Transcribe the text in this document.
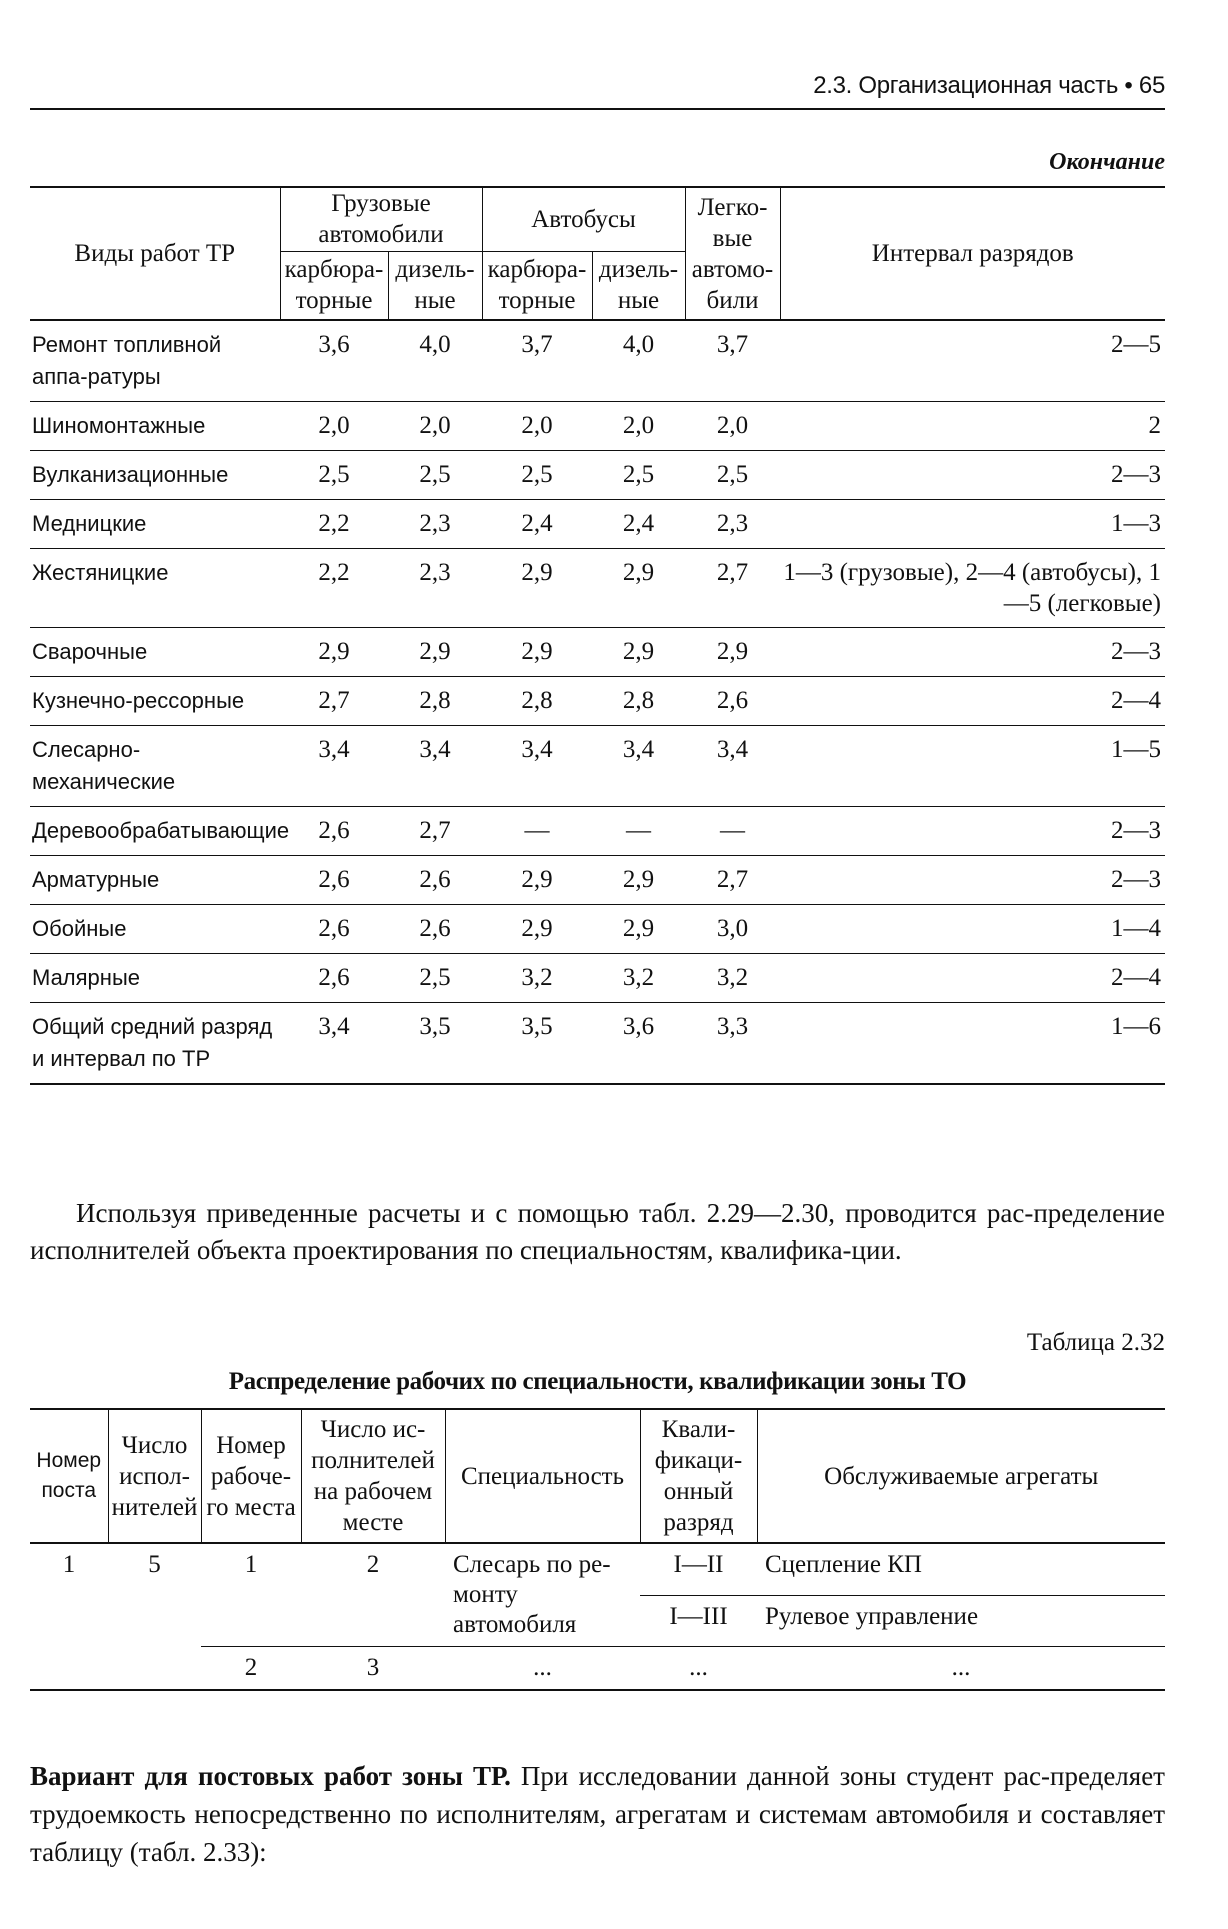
2.3. Организационная часть • 65
Окончание
Виды работ ТР	Грузовые автомобили		Автобусы		Легко-вые автомо-били	Интервал разрядов
	карбюра-торные	дизель-ные	карбюра-торные	дизель-ные		
Ремонт топливной аппа-ратуры	3,6	4,0	3,7	4,0	3,7	2—5
Шиномонтажные	2,0	2,0	2,0	2,0	2,0	2
Вулканизационные	2,5	2,5	2,5	2,5	2,5	2—3
Медницкие	2,2	2,3	2,4	2,4	2,3	1—3
Жестяницкие	2,2	2,3	2,9	2,9	2,7	1—3 (грузовые), 2—4 (автобусы), 1—5 (легковые)
Сварочные	2,9	2,9	2,9	2,9	2,9	2—3
Кузнечно-рессорные	2,7	2,8	2,8	2,8	2,6	2—4
Слесарно-механические	3,4	3,4	3,4	3,4	3,4	1—5
Деревообрабатывающие	2,6	2,7	—	—	—	2—3
Арматурные	2,6	2,6	2,9	2,9	2,7	2—3
Обойные	2,6	2,6	2,9	2,9	3,0	1—4
Малярные	2,6	2,5	3,2	3,2	3,2	2—4
Общий средний разряд и интервал по ТР	3,4	3,5	3,5	3,6	3,3	1—6
Используя приведенные расчеты и с помощью табл. 2.29—2.30, проводится рас-пределение исполнителей объекта проектирования по специальностям, квалифика-ции.
Таблица 2.32
Распределение рабочих по специальности, квалификации зоны ТО
Номер поста	Число испол-нителей	Номер рабоче-го места	Число ис-полнителей на рабочем месте	Специальность	Квали-фикаци-онный разряд	Обслуживаемые агрегаты
1	5	1	2	Слесарь по ре-монту автомобиля	I—II	Сцепление КП
					I—III	Рулевое управление
		2	3	...	...	...
Вариант для постовых работ зоны ТР. При исследовании данной зоны студент рас-пределяет трудоемкость непосредственно по исполнителям, агрегатам и системам автомобиля и составляет таблицу (табл. 2.33):
